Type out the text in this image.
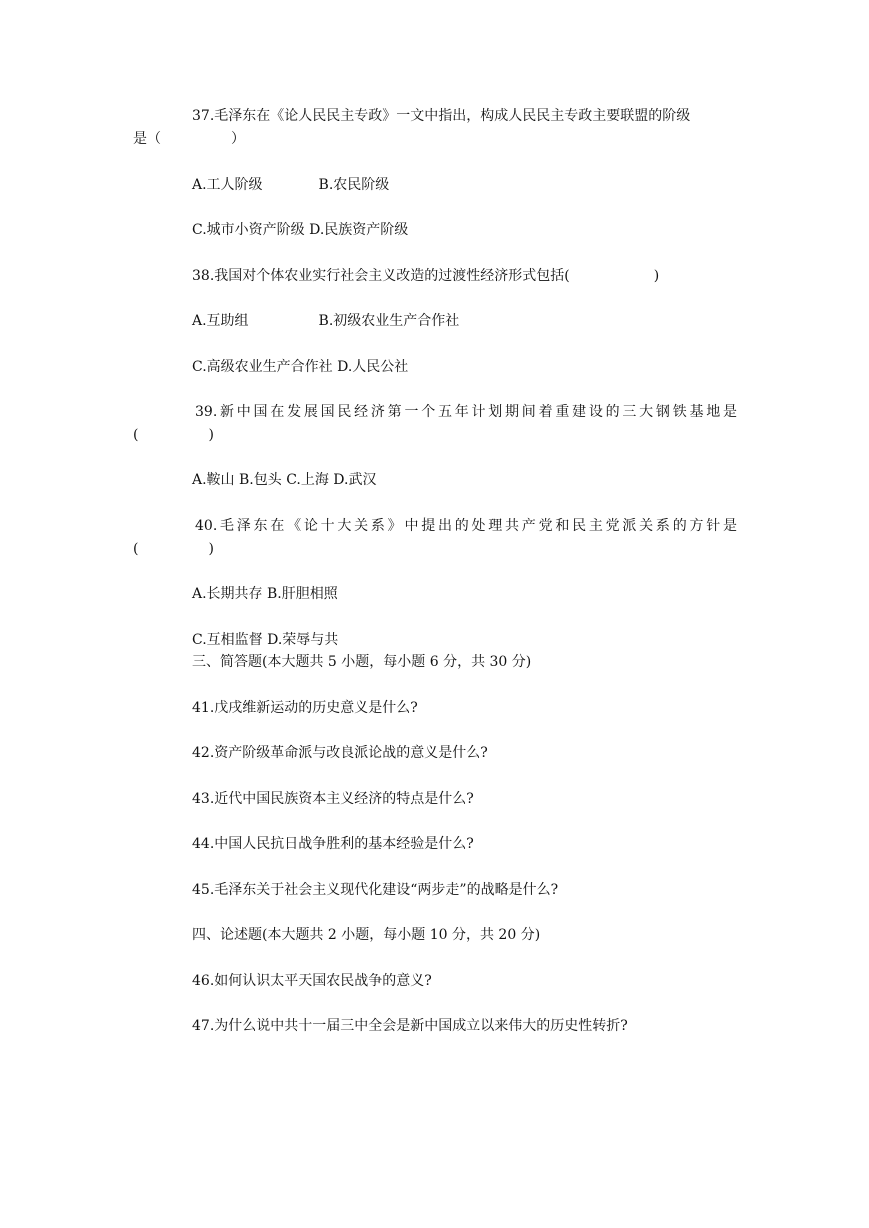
37.毛泽东在《论人民民主专政》一文中指出，构成人民民主专政主要联盟的阶级
是（　　　　　）
A.工人阶级　　　　B.农民阶级
C.城市小资产阶级 D.民族资产阶级
38.我国对个体农业实行社会主义改造的过渡性经济形式包括(　　　　　　)
A.互助组　　　　　B.初级农业生产合作社
C.高级农业生产合作社 D.人民公社
39.新中国在发展国民经济第一个五年计划期间着重建设的三大钢铁基地是
(　　　　　)
A.鞍山 B.包头 C.上海 D.武汉
40.毛泽东在《论十大关系》中提出的处理共产党和民主党派关系的方针是
(　　　　　)
A.长期共存 B.肝胆相照
C.互相监督 D.荣辱与共
三、简答题(本大题共 5 小题，每小题 6 分，共 30 分)
41.戊戌维新运动的历史意义是什么?
42.资产阶级革命派与改良派论战的意义是什么?
43.近代中国民族资本主义经济的特点是什么?
44.中国人民抗日战争胜利的基本经验是什么?
45.毛泽东关于社会主义现代化建设“两步走”的战略是什么?
四、论述题(本大题共 2 小题，每小题 10 分，共 20 分)
46.如何认识太平天国农民战争的意义?
47.为什么说中共十一届三中全会是新中国成立以来伟大的历史性转折?
